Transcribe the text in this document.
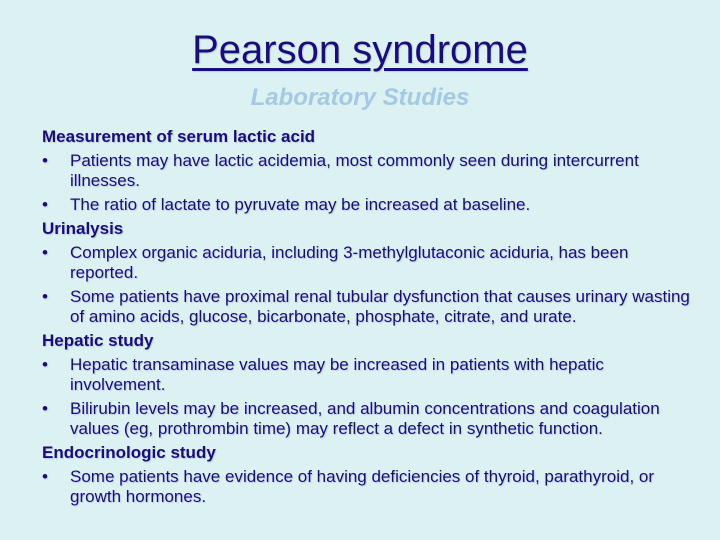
Pearson syndrome
Laboratory Studies
Measurement of serum lactic acid
• Patients may have lactic acidemia, most commonly seen during intercurrent illnesses.
• The ratio of lactate to pyruvate may be increased at baseline.
Urinalysis
• Complex organic aciduria, including 3-methylglutaconic aciduria, has been reported.
• Some patients have proximal renal tubular dysfunction that causes urinary wasting of amino acids, glucose, bicarbonate, phosphate, citrate, and urate.
Hepatic study
• Hepatic transaminase values may be increased in patients with hepatic involvement.
• Bilirubin levels may be increased, and albumin concentrations and coagulation values (eg, prothrombin time) may reflect a defect in synthetic function.
Endocrinologic study
• Some patients have evidence of having deficiencies of thyroid, parathyroid, or growth hormones.
